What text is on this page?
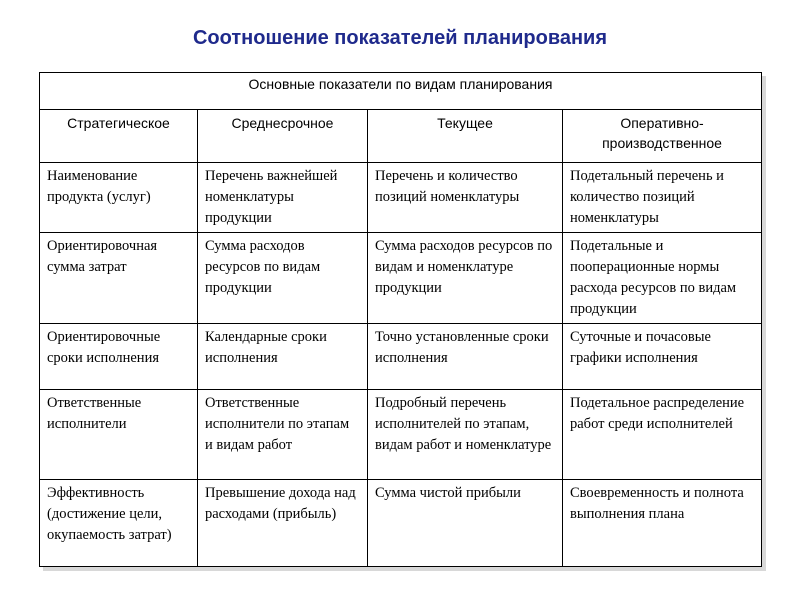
Соотношение показателей планирования
Основные показатели по видам планирования			
Стратегическое	Среднесрочное	Текущее	Оперативно-производственное
Наименование продукта (услуг)	Перечень важнейшей номенклатуры продукции	Перечень и количество позиций номенклатуры	Подетальный перечень и количество позиций номенклатуры
Ориентировочная сумма затрат	Сумма расходов ресурсов по видам продукции	Сумма расходов ресурсов по видам и номенклатуре продукции	Подетальные и пооперационные нормы расхода ресурсов по видам продукции
Ориентировочные сроки исполнения	Календарные сроки исполнения	Точно установленные сроки исполнения	Суточные и почасовые графики исполнения
Ответственные исполнители	Ответственные исполнители по этапам и видам работ	Подробный перечень исполнителей по этапам, видам работ и номенклатуре	Подетальное распределение работ среди исполнителей
Эффективность (достижение цели, окупаемость затрат)	Превышение дохода над расходами (прибыль)	Сумма чистой прибыли	Своевременность и полнота выполнения плана
